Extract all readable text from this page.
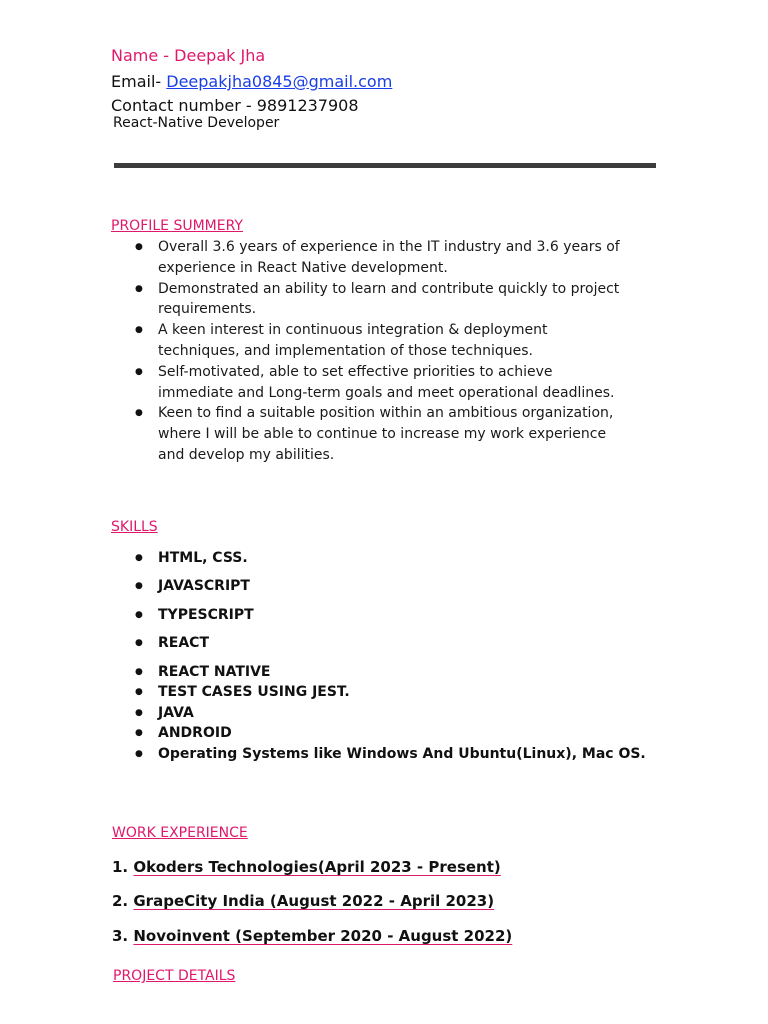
Name - Deepak Jha
Email- Deepakjha0845@gmail.com
Contact number - 9891237908
React-Native Developer
PROFILE SUMMERY
● Overall 3.6 years of experience in the IT industry and 3.6 years of experience in React Native development.
● Demonstrated an ability to learn and contribute quickly to project requirements.
● A keen interest in continuous integration & deployment techniques, and implementation of those techniques.
● Self-motivated, able to set effective priorities to achieve immediate and Long-term goals and meet operational deadlines.
● Keen to find a suitable position within an ambitious organization, where I will be able to continue to increase my work experience and develop my abilities.
SKILLS
● HTML, CSS.
● JAVASCRIPT
● TYPESCRIPT
● REACT
● REACT NATIVE
● TEST CASES USING JEST.
● JAVA
● ANDROID
● Operating Systems like Windows And Ubuntu(Linux), Mac OS.
WORK EXPERIENCE
1. Okoders Technologies(April 2023 - Present)
2. GrapeCity India (August 2022 - April 2023)
3. Novoinvent (September 2020 - August 2022)
PROJECT DETAILS
